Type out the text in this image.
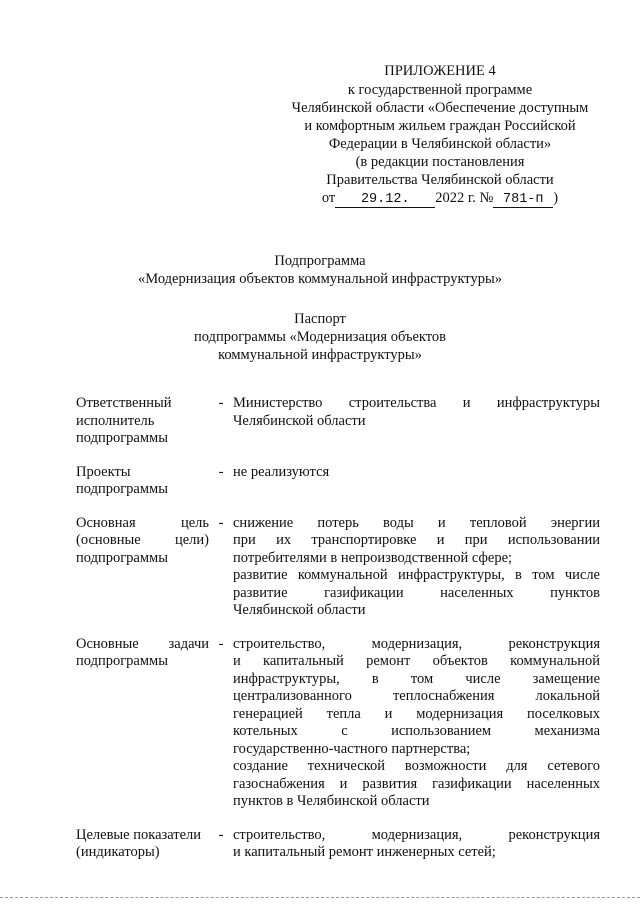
ПРИЛОЖЕНИЕ 4
к государственной программе
Челябинской области «Обеспечение доступным
и комфортным жильем граждан Российской
Федерации в Челябинской области»
(в редакции постановления
Правительства Челябинской области
от 29.12. 2022 г. № 781-п )
Подпрограмма
«Модернизация объектов коммунальной инфраструктуры»
Паспорт
подпрограммы «Модернизация объектов
коммунальной инфраструктуры»
Ответственный
исполнитель
подпрограммы
- Министерство строительства и инфраструктуры
Челябинской области
Проекты
подпрограммы
- не реализуются
Основная цель
(основные цели)
подпрограммы
- снижение потерь воды и тепловой энергии
при их транспортировке и при использовании
потребителями в непроизводственной сфере;
развитие коммунальной инфраструктуры, в том числе
развитие газификации населенных пунктов
Челябинской области
Основные задачи
подпрограммы
- строительство, модернизация, реконструкция
и капитальный ремонт объектов коммунальной
инфраструктуры, в том числе замещение
централизованного теплоснабжения локальной
генерацией тепла и модернизация поселковых
котельных с использованием механизма
государственно-частного партнерства;
создание технической возможности для сетевого
газоснабжения и развития газификации населенных
пунктов в Челябинской области
Целевые показатели
(индикаторы)
- строительство, модернизация, реконструкция
и капитальный ремонт инженерных сетей;
